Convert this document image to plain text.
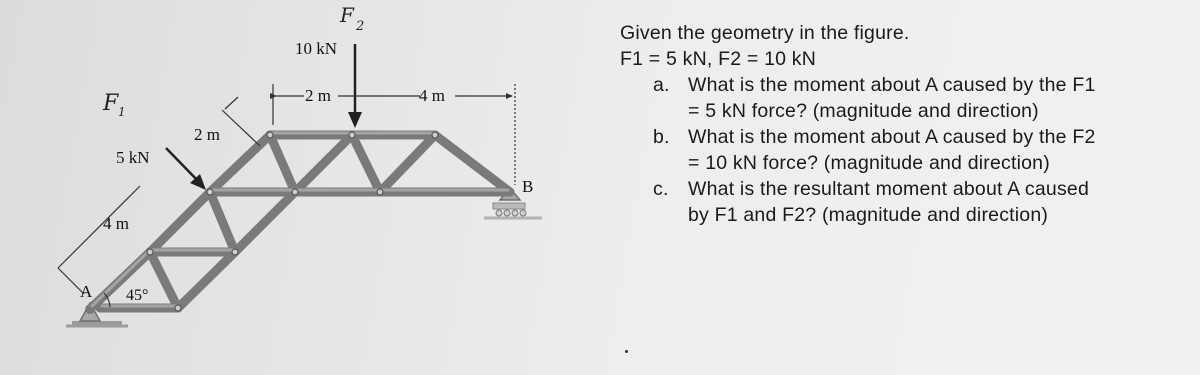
10 kN
F 2
5 kN
F 1
2 m	4 m
2 m
4 m
45°
A
B

Given the geometry in the figure.

F1 = 5 kN, F2 = 10 kN

a. What is the moment about A caused by the F1 = 5 kN force? (magnitude and direction)
b. What is the moment about A caused by the F2 = 10 kN force? (magnitude and direction)
c. What is the resultant moment about A caused by F1 and F2? (magnitude and direction)
